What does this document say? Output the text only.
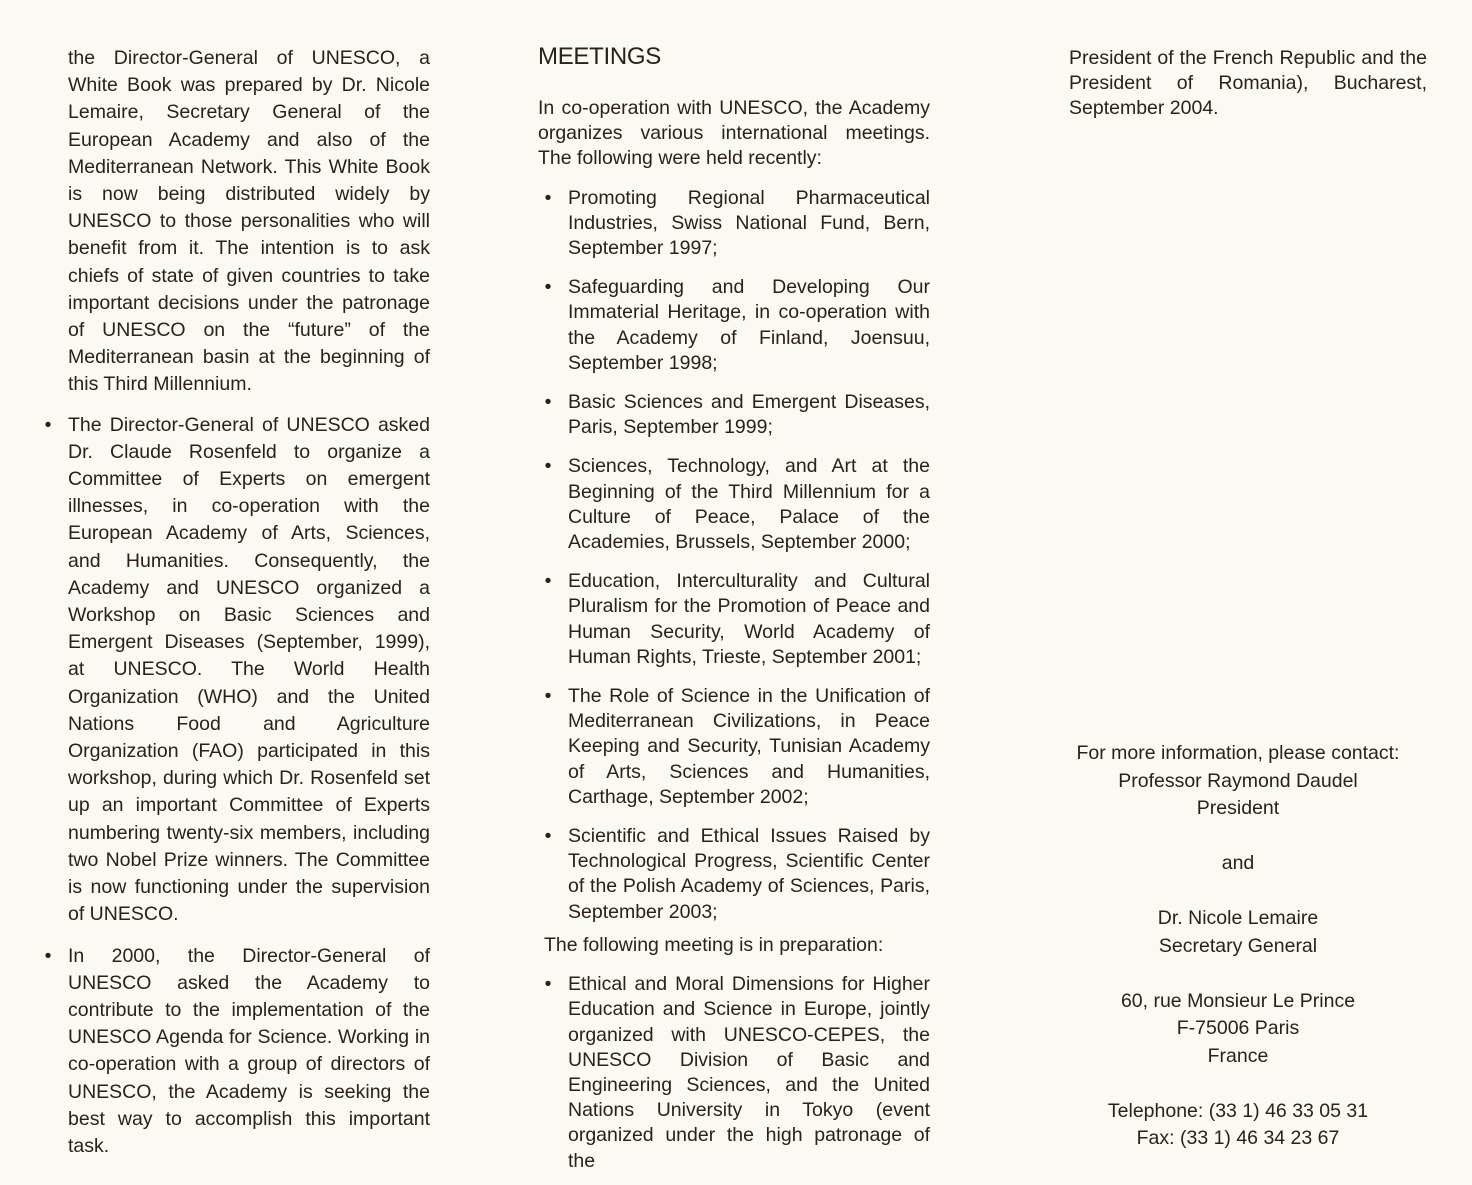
the Director-General of UNESCO, a White Book was prepared by Dr. Nicole Lemaire, Secretary General of the European Academy and also of the Mediterranean Network. This White Book is now being distributed widely by UNESCO to those personalities who will benefit from it. The intention is to ask chiefs of state of given countries to take important decisions under the patronage of UNESCO on the “future” of the Mediterranean basin at the beginning of this Third Millennium.

• The Director-General of UNESCO asked Dr. Claude Rosenfeld to organize a Committee of Experts on emergent illnesses, in co-operation with the European Academy of Arts, Sciences, and Humanities. Consequently, the Academy and UNESCO organized a Workshop on Basic Sciences and Emergent Diseases (September, 1999), at UNESCO. The World Health Organization (WHO) and the United Nations Food and Agriculture Organization (FAO) participated in this workshop, during which Dr. Rosenfeld set up an important Committee of Experts numbering twenty-six members, including two Nobel Prize winners. The Committee is now functioning under the supervision of UNESCO.
• In 2000, the Director-General of UNESCO asked the Academy to contribute to the implementation of the UNESCO Agenda for Science. Working in co-operation with a group of directors of UNESCO, the Academy is seeking the best way to accomplish this important task.
MEETINGS

In co-operation with UNESCO, the Academy organizes various international meetings. The following were held recently:

• Promoting Regional Pharmaceutical Industries, Swiss National Fund, Bern, September 1997;
• Safeguarding and Developing Our Immaterial Heritage, in co-operation with the Academy of Finland, Joensuu, September 1998;
• Basic Sciences and Emergent Diseases, Paris, September 1999;
• Sciences, Technology, and Art at the Beginning of the Third Millennium for a Culture of Peace, Palace of the Academies, Brussels, September 2000;
• Education, Interculturality and Cultural Pluralism for the Promotion of Peace and Human Security, World Academy of Human Rights, Trieste, September 2001;
• The Role of Science in the Unification of Mediterranean Civilizations, in Peace Keeping and Security, Tunisian Academy of Arts, Sciences and Humanities, Carthage, September 2002;
• Scientific and Ethical Issues Raised by Technological Progress, Scientific Center of the Polish Academy of Sciences, Paris, September 2003;

The following meeting is in preparation:

• Ethical and Moral Dimensions for Higher Education and Science in Europe, jointly organized with UNESCO-CEPES, the UNESCO Division of Basic and Engineering Sciences, and the United Nations University in Tokyo (event organized under the high patronage of the

President of the French Republic and the President of Romania), Bucharest, September 2004.

For more information, please contact:
Professor Raymond Daudel
President
and
Dr. Nicole Lemaire
Secretary General
60, rue Monsieur Le Prince
F-75006 Paris
France
Telephone: (33 1) 46 33 05 31
Fax: (33 1) 46 34 23 67
